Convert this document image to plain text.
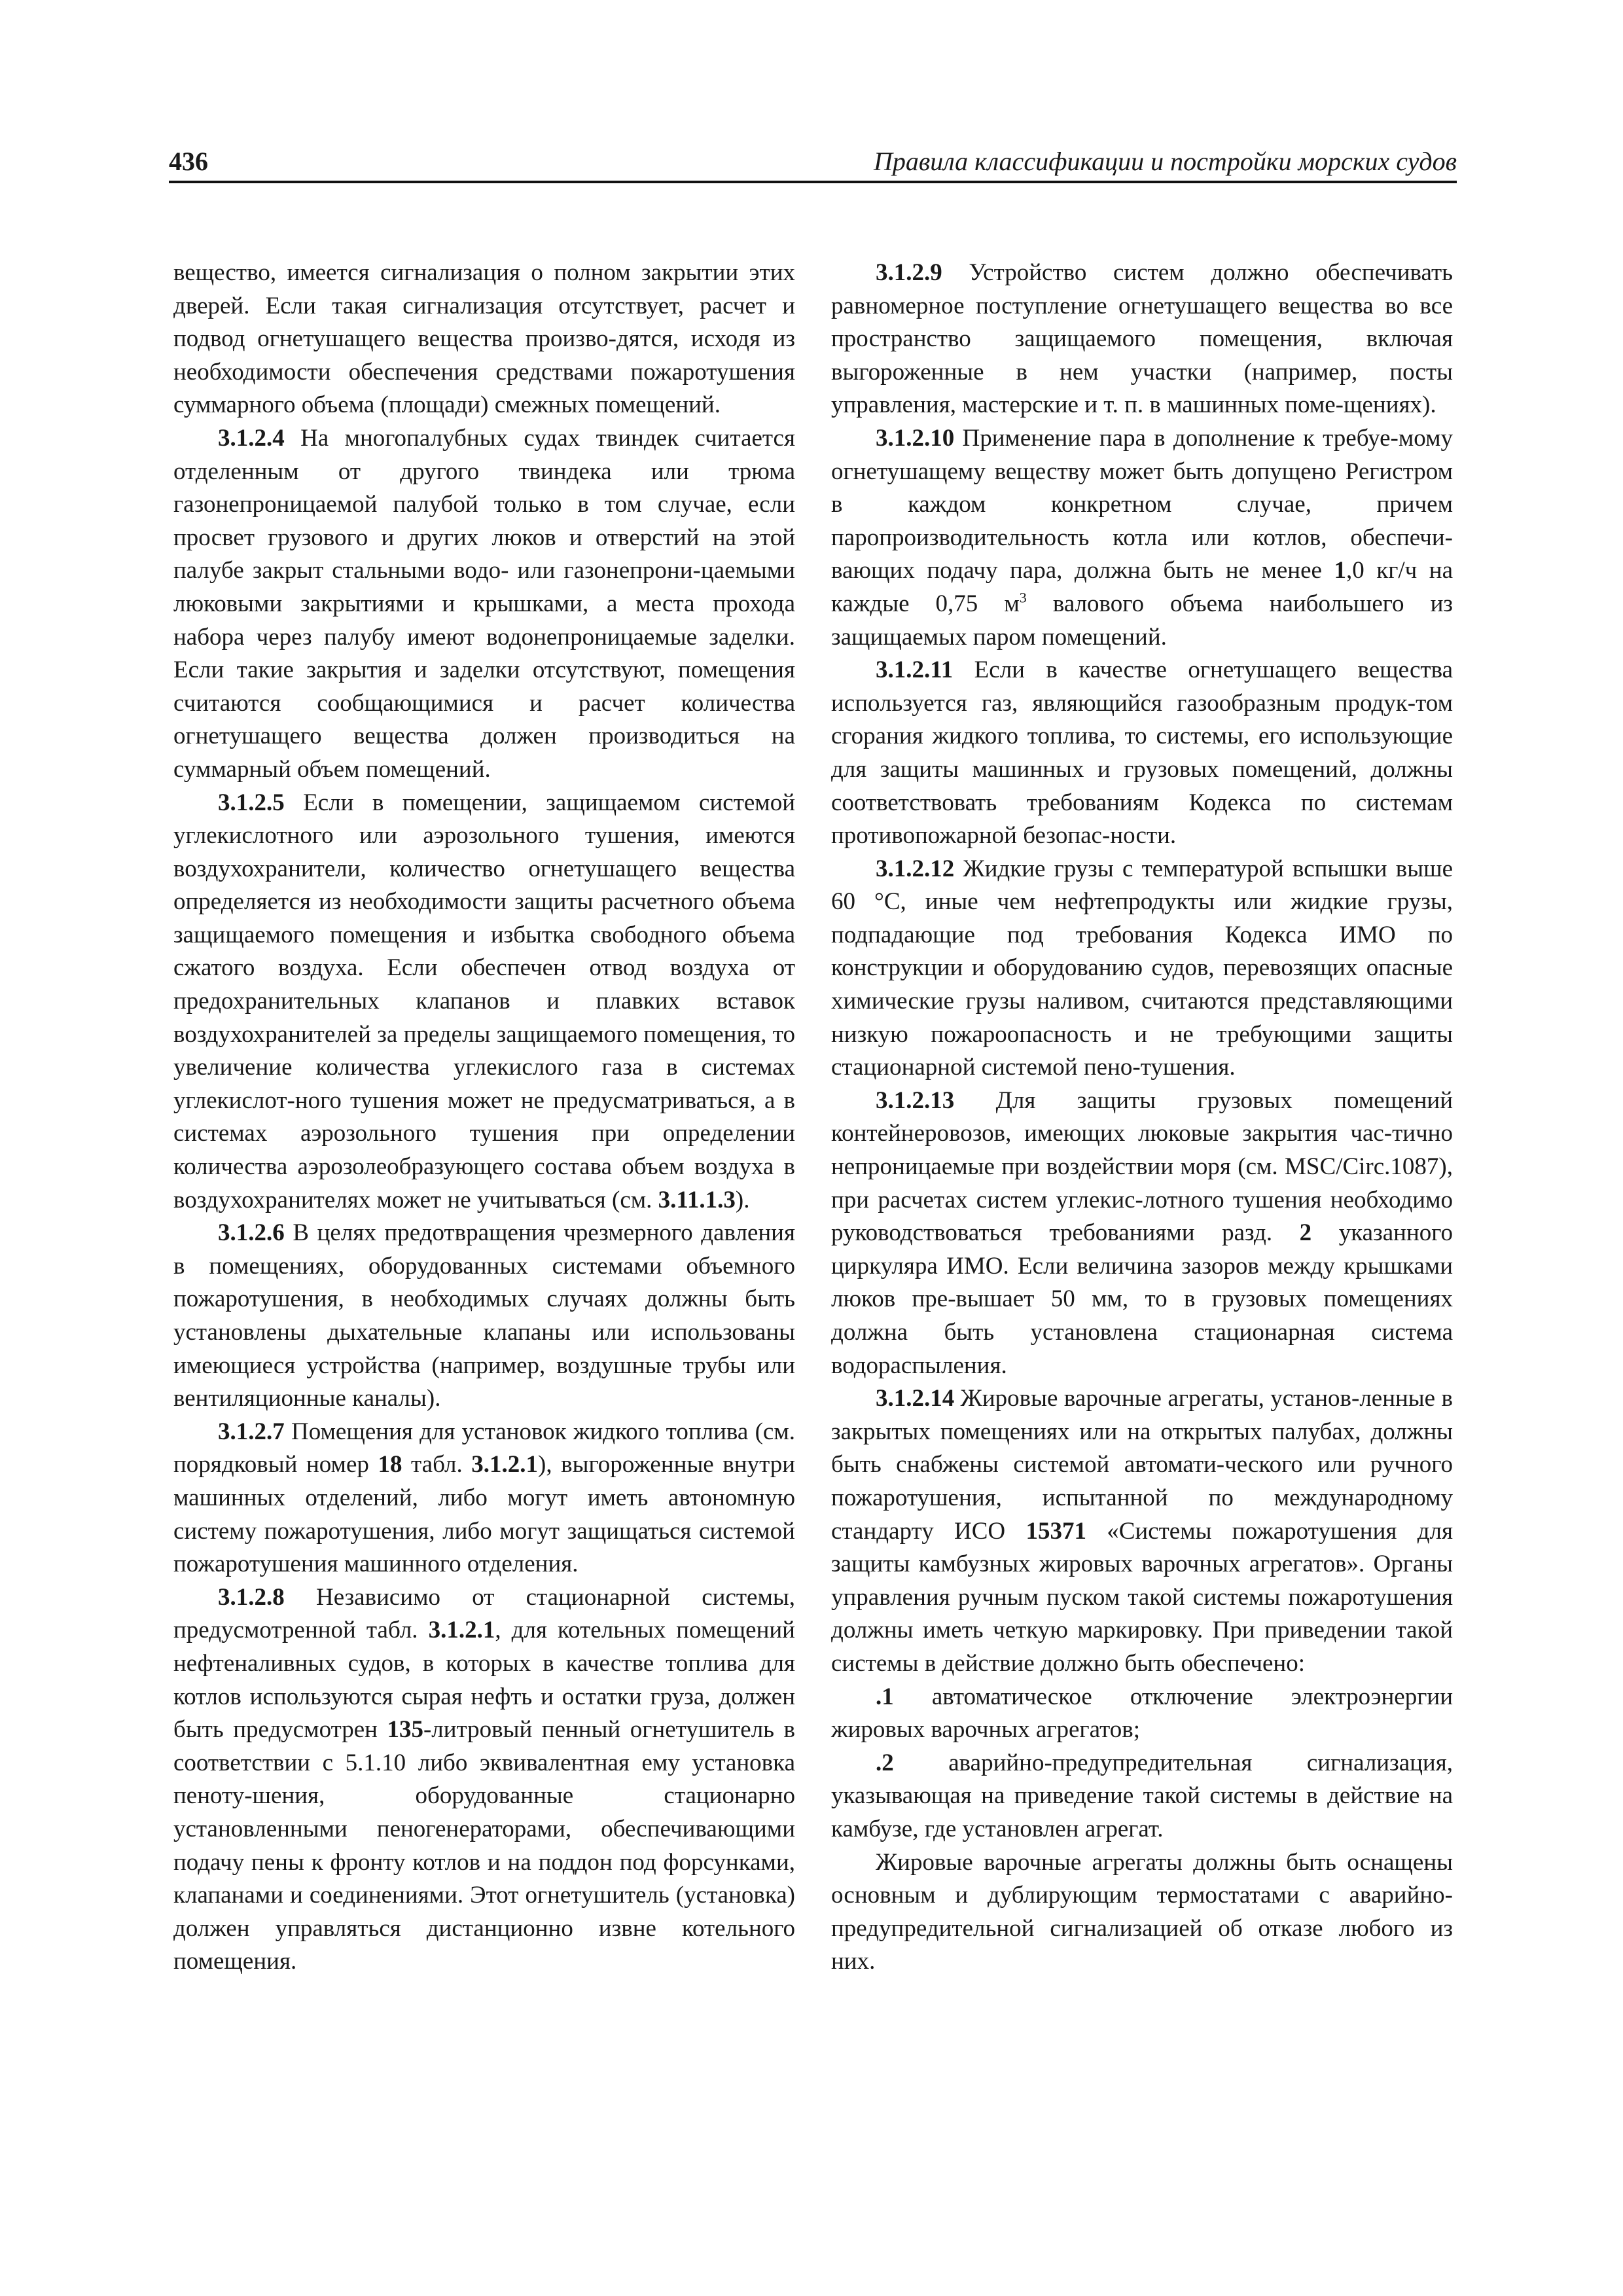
436	Правила классификации и постройки морских судов

вещество, имеется сигнализация о полном закрытии этих дверей. Если такая сигнализация отсутствует, расчет и подвод огнетушащего вещества произво-дятся, исходя из необходимости обеспечения средствами пожаротушения суммарного объема (площади) смежных помещений.

3.1.2.4 На многопалубных судах твиндек считается отделенным от другого твиндека или трюма газонепроницаемой палубой только в том случае, если просвет грузового и других люков и отверстий на этой палубе закрыт стальными водо- или газонепрони-цаемыми люковыми закрытиями и крышками, а места прохода набора через палубу имеют водонепроницаемые заделки. Если такие закрытия и заделки отсутствуют, помещения считаются сообщающимися и расчет количества огнетушащего вещества должен производиться на суммарный объем помещений.

3.1.2.5 Если в помещении, защищаемом системой углекислотного или аэрозольного тушения, имеются воздухохранители, количество огнетушащего вещества определяется из необходимости защиты расчетного объема защищаемого помещения и избытка свободного объема сжатого воздуха. Если обеспечен отвод воздуха от предохранительных клапанов и плавких вставок воздухохранителей за пределы защищаемого помещения, то увеличение количества углекислого газа в системах углекислот-ного тушения может не предусматриваться, а в системах аэрозольного тушения при определении количества аэрозолеобразующего состава объем воздуха в воздухохранителях может не учитываться (см. 3.11.1.3).

3.1.2.6 В целях предотвращения чрезмерного давления в помещениях, оборудованных системами объемного пожаротушения, в необходимых случаях должны быть установлены дыхательные клапаны или использованы имеющиеся устройства (например, воздушные трубы или вентиляционные каналы).

3.1.2.7 Помещения для установок жидкого топлива (см. порядковый номер 18 табл. 3.1.2.1), выгороженные внутри машинных отделений, либо могут иметь автономную систему пожаротушения, либо могут защищаться системой пожаротушения машинного отделения.

3.1.2.8 Независимо от стационарной системы, предусмотренной табл. 3.1.2.1, для котельных помещений нефтеналивных судов, в которых в качестве топлива для котлов используются сырая нефть и остатки груза, должен быть предусмотрен 135-литровый пенный огнетушитель в соответствии с 5.1.10 либо эквивалентная ему установка пеноту-шения, оборудованные стационарно установленными пеногенераторами, обеспечивающими подачу пены к фронту котлов и на поддон под форсунками, клапанами и соединениями. Этот огнетушитель (установка) должен управляться дистанционно извне котельного помещения.

3.1.2.9 Устройство систем должно обеспечивать равномерное поступление огнетушащего вещества во все пространство защищаемого помещения, включая выгороженные в нем участки (например, посты управления, мастерские и т. п. в машинных поме-щениях).

3.1.2.10 Применение пара в дополнение к требуе-мому огнетушащему веществу может быть допущено Регистром в каждом конкретном случае, причем паропроизводительность котла или котлов, обеспечи-вающих подачу пара, должна быть не менее 1,0 кг/ч на каждые 0,75 $м^3$ валового объема наибольшего из защищаемых паром помещений.

3.1.2.11 Если в качестве огнетушащего вещества используется газ, являющийся газообразным продук-том сгорания жидкого топлива, то системы, его использующие для защиты машинных и грузовых помещений, должны соответствовать требованиям Кодекса по системам противопожарной безопас-ности.

3.1.2.12 Жидкие грузы с температурой вспышки выше 60 °С, иные чем нефтепродукты или жидкие грузы, подпадающие под требования Кодекса ИМО по конструкции и оборудованию судов, перевозящих опасные химические грузы наливом, считаются представляющими низкую пожароопасность и не требующими защиты стационарной системой пено-тушения.

3.1.2.13 Для защиты грузовых помещений контейнеровозов, имеющих люковые закрытия час-тично непроницаемые при воздействии моря (см. MSC/Circ.1087), при расчетах систем углекис-лотного тушения необходимо руководствоваться требованиями разд. 2 указанного циркуляра ИМО. Если величина зазоров между крышками люков пре-вышает 50 мм, то в грузовых помещениях должна быть установлена стационарная система водораспыления.

3.1.2.14 Жировые варочные агрегаты, установ-ленные в закрытых помещениях или на открытых палубах, должны быть снабжены системой автомати-ческого или ручного пожаротушения, испытанной по международному стандарту ИСО 15371 «Системы пожаротушения для защиты камбузных жировых варочных агрегатов». Органы управления ручным пуском такой системы пожаротушения должны иметь четкую маркировку. При приведении такой системы в действие должно быть обеспечено:

.1 автоматическое отключение электроэнергии жировых варочных агрегатов;

.2 аварийно-предупредительная сигнализация, указывающая на приведение такой системы в действие на камбузе, где установлен агрегат.

Жировые варочные агрегаты должны быть оснащены основным и дублирующим термостатами с аварийно-предупредительной сигнализацией об отказе любого из них.
